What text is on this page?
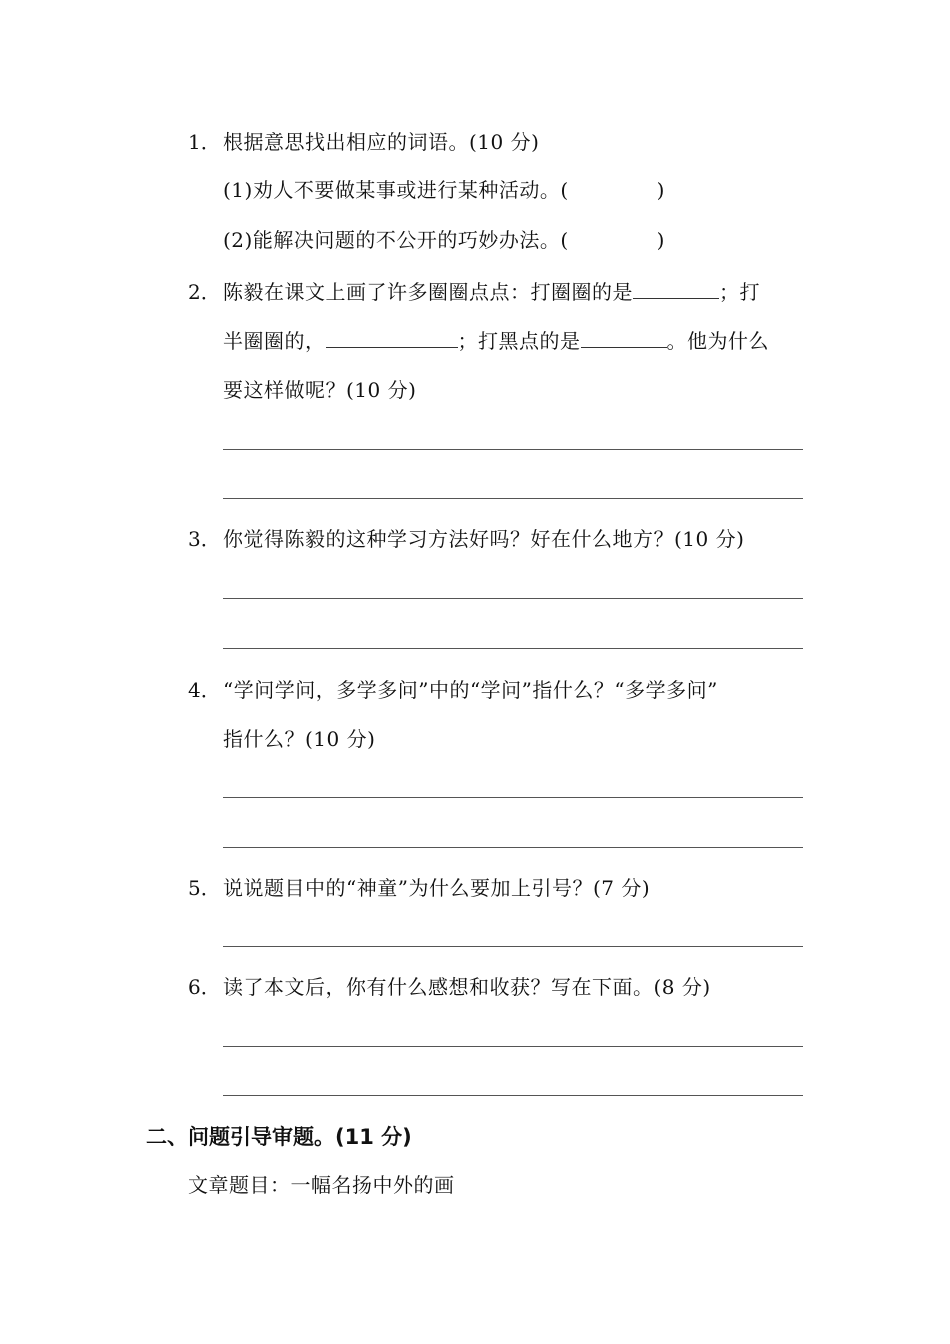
1． 根据意思找出相应的词语。(10 分)
(1)劝人不要做某事或进行某种活动。(	)
(2)能解决问题的不公开的巧妙办法。(	)
2． 陈毅在课文上画了许多圈圈点点：打圈圈的是	；打
半圈圈的，	；打黑点的是	。他为什么
要这样做呢？(10 分)
3． 你觉得陈毅的这种学习方法好吗？好在什么地方？(10 分)
4． “学问学问，多学多问”中的“学问”指什么？“多学多问”
指什么？(10 分)
5． 说说题目中的“神童”为什么要加上引号？(7 分)
6． 读了本文后，你有什么感想和收获？写在下面。(8 分)
二、问题引导审题。(11 分)
文章题目：一幅名扬中外的画
